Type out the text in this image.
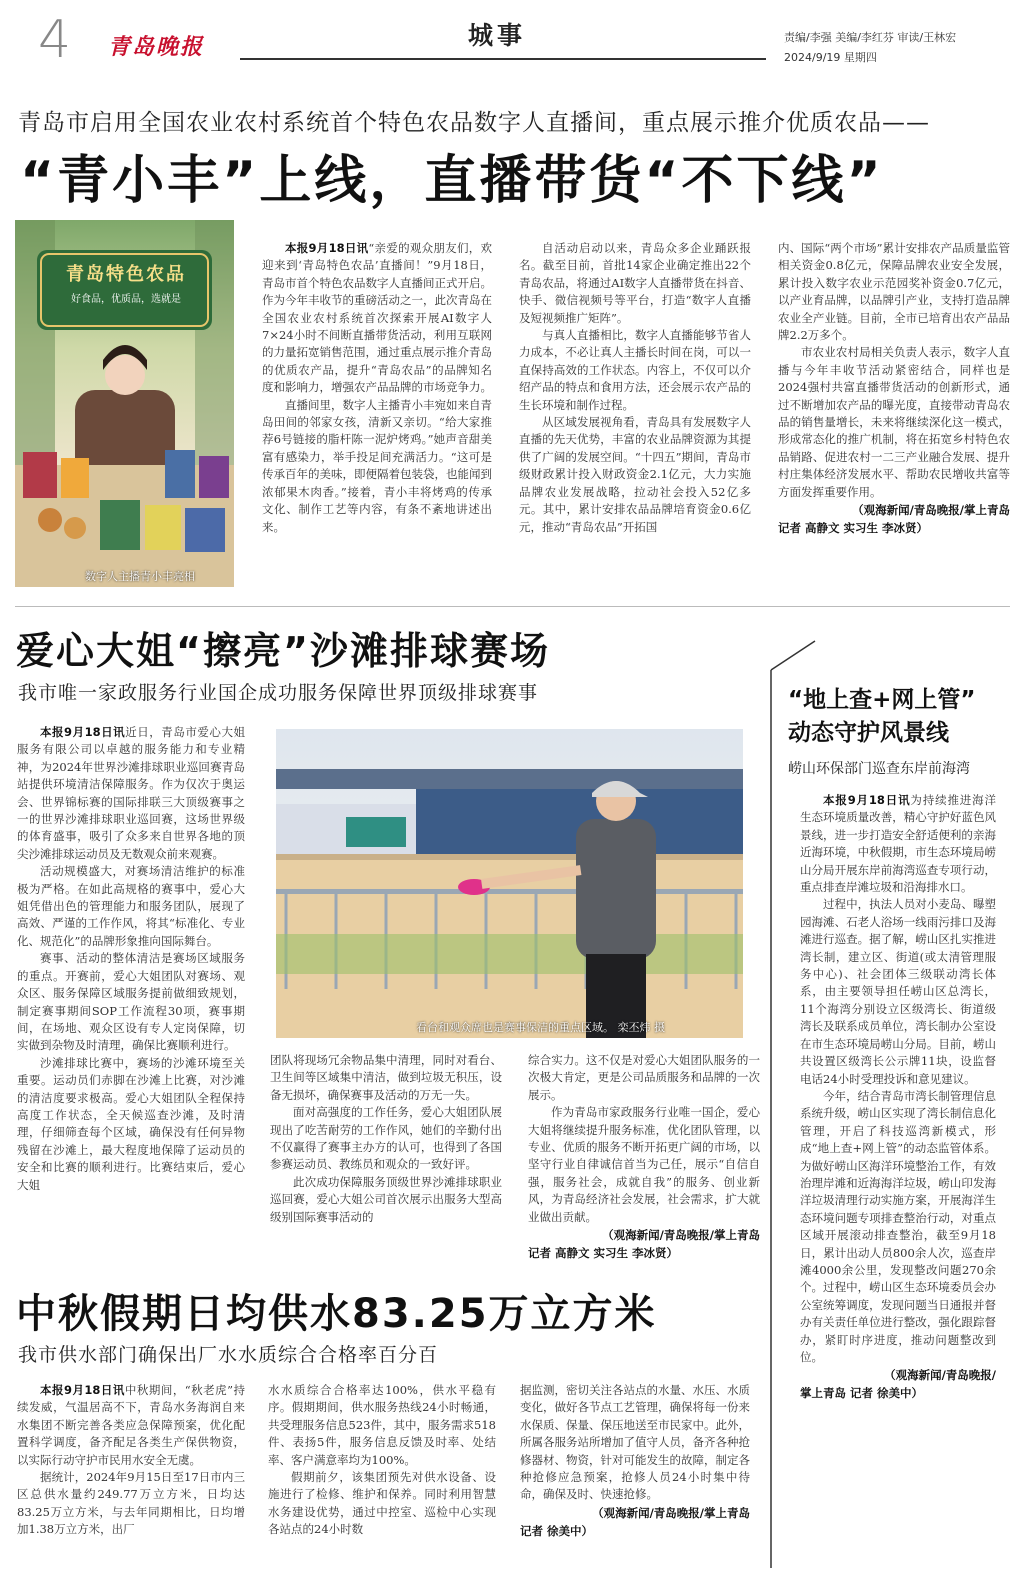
4 青岛晚报	城事	责编/李强 美编/李红芬 审读/王林宏
2024/9/19 星期四
青岛市启用全国农业农村系统首个特色农品数字人直播间，重点展示推介优质农品——
“青小丰”上线，直播带货“不下线”
青岛特色农品
好食品，优质品，选就是
数字人主播青小丰亮相

本报9月18日讯“亲爱的观众朋友们，欢迎来到‘青岛特色农品’直播间！”9月18日，青岛市首个特色农品数字人直播间正式开启。作为今年丰收节的重磅活动之一，此次青岛在全国农业农村系统首次探索开展AI数字人7×24小时不间断直播带货活动，利用互联网的力量拓宽销售范围，通过重点展示推介青岛的优质农产品，提升“青岛农品”的品牌知名度和影响力，增强农产品品牌的市场竞争力。

直播间里，数字人主播青小丰宛如来自青岛田间的邻家女孩，清新又亲切。“给大家推荐6号链接的脂杆陈一泥炉烤鸡。”她声音甜美富有感染力，举手投足间充满活力。“这可是传承百年的美味，即便隔着包装袋，也能闻到浓郁果木肉香。”接着，青小丰将烤鸡的传承文化、制作工艺等内容，有条不紊地讲述出来。

自活动启动以来，青岛众多企业踊跃报名。截至目前，首批14家企业确定推出22个青岛农品，将通过AI数字人直播带货在抖音、快手、微信视频号等平台，打造“数字人直播及短视频推广矩阵”。

与真人直播相比，数字人直播能够节省人力成本，不必让真人主播长时间在岗，可以一直保持高效的工作状态。内容上，不仅可以介绍产品的特点和食用方法，还会展示农产品的生长环境和制作过程。

从区域发展视角看，青岛具有发展数字人直播的先天优势，丰富的农业品牌资源为其提供了广阔的发展空间。“十四五”期间，青岛市级财政累计投入财政资金2.1亿元，大力实施品牌农业发展战略，拉动社会投入52亿多元。其中，累计安排农品品牌培育资金0.6亿元，推动“青岛农品”开拓国

内、国际“两个市场”累计安排农产品质量监管相关资金0.8亿元，保障品牌农业安全发展，累计投入数字农业示范园奖补资金0.7亿元，以产业育品牌，以品牌引产业，支持打造品牌农业全产业链。目前，全市已培育出农产品品牌2.2万多个。

市农业农村局相关负责人表示，数字人直播与今年丰收节活动紧密结合，同样也是2024强村共富直播带货活动的创新形式，通过不断增加农产品的曝光度，直接带动青岛农品的销售量增长，未来将继续深化这一模式，形成常态化的推广机制，将在拓宽乡村特色农品销路、促进农村一二三产业融合发展、提升村庄集体经济发展水平、帮助农民增收共富等方面发挥重要作用。

（观海新闻/青岛晚报/掌上青岛
记者 高静文 实习生 李冰贤）
爱心大姐“擦亮”沙滩排球赛场
我市唯一家政服务行业国企成功服务保障世界顶级排球赛事

本报9月18日讯近日，青岛市爱心大姐服务有限公司以卓越的服务能力和专业精神，为2024年世界沙滩排球职业巡回赛青岛站提供环境清洁保障服务。作为仅次于奥运会、世界锦标赛的国际排联三大顶级赛事之一的世界沙滩排球职业巡回赛，这场世界级的体育盛事，吸引了众多来自世界各地的顶尖沙滩排球运动员及无数观众前来观赛。

活动规模盛大，对赛场清洁维护的标准极为严格。在如此高规格的赛事中，爱心大姐凭借出色的管理能力和服务团队，展现了高效、严谨的工作作风，将其“标准化、专业化、规范化”的品牌形象推向国际舞台。

赛事、活动的整体清洁是赛场区域服务的重点。开赛前，爱心大姐团队对赛场、观众区、服务保障区域服务提前做细致规划，制定赛事期间SOP工作流程30项，赛事期间，在场地、观众区设有专人定岗保障，切实做到杂物及时清理，确保比赛顺利进行。

沙滩排球比赛中，赛场的沙滩环境至关重要。运动员们赤脚在沙滩上比赛，对沙滩的清洁度要求极高。爱心大姐团队全程保持高度工作状态，全天候巡查沙滩，及时清理，仔细筛查每个区域，确保没有任何异物残留在沙滩上，最大程度地保障了运动员的安全和比赛的顺利进行。比赛结束后，爱心大姐

看台和观众席也是赛事保洁的重点区域。 栾丕炜 摄

团队将现场冗余物品集中清理，同时对看台、卫生间等区域集中清洁，做到垃圾无积压，设备无损坏，确保赛事及活动的万无一失。

面对高强度的工作任务，爱心大姐团队展现出了吃苦耐劳的工作作风，她们的辛勤付出不仅赢得了赛事主办方的认可，也得到了各国参赛运动员、教练员和观众的一致好评。

此次成功保障服务顶级世界沙滩排球职业巡回赛，爱心大姐公司首次展示出服务大型高级别国际赛事活动的

综合实力。这不仅是对爱心大姐团队服务的一次极大肯定，更是公司品质服务和品牌的一次展示。

作为青岛市家政服务行业唯一国企，爱心大姐将继续提升服务标准，优化团队管理，以专业、优质的服务不断开拓更广阔的市场，以坚守行业自律诚信首当为己任，展示“自信自强，服务社会，成就自我”的服务、创业新风，为青岛经济社会发展，社会需求，扩大就业做出贡献。

（观海新闻/青岛晚报/掌上青岛
记者 高静文 实习生 李冰贤）
中秋假期日均供水83.25万立方米
我市供水部门确保出厂水水质综合合格率百分百

本报9月18日讯中秋期间，“秋老虎”持续发威，气温居高不下，青岛水务海润自来水集团不断完善各类应急保障预案，优化配置科学调度，备齐配足各类生产保供物资，以实际行动守护市民用水安全无虞。

据统计，2024年9月15日至17日市内三区总供水量约249.77万立方米，日均达83.25万立方米，与去年同期相比，日均增加1.38万立方米，出厂

水水质综合合格率达100%，供水平稳有序。假期期间，供水服务热线24小时畅通，共受理服务信息523件，其中，服务需求518件、表扬5件，服务信息反馈及时率、处结率、客户满意率均为100%。

假期前夕，该集团预先对供水设备、设施进行了检修、维护和保养。同时利用智慧水务建设优势，通过中控室、巡检中心实现各站点的24小时数

据监测，密切关注各站点的水量、水压、水质变化，做好各节点工艺管理，确保将每一份来水保质、保量、保压地送至市民家中。此外，所属各服务站所增加了值守人员，备齐各种抢修器材、物资，针对可能发生的故障，制定各种抢修应急预案，抢修人员24小时集中待命，确保及时、快速抢修。

（观海新闻/青岛晚报/掌上青岛
记者 徐美中）
“地上查+网上管”
动态守护风景线
崂山环保部门巡查东岸前海湾

本报9月18日讯为持续推进海洋生态环境质量改善，精心守护好蓝色风景线，进一步打造安全舒适便利的亲海近海环境，中秋假期，市生态环境局崂山分局开展东岸前海湾巡查专项行动，重点排查岸滩垃圾和沿海排水口。

过程中，执法人员对小麦岛、曝塑园海滩、石老人浴场一线雨污排口及海滩进行巡查。据了解，崂山区扎实推进湾长制，建立区、街道(或太清管理服务中心)、社会团体三级联动湾长体系，由主要领导担任崂山区总湾长，11个海湾分别设立区级湾长、街道级湾长及联系成员单位，湾长制办公室设在市生态环境局崂山分局。目前，崂山共设置区级湾长公示牌11块，设监督电话24小时受理投诉和意见建议。

今年，结合青岛市湾长制管理信息系统升级，崂山区实现了湾长制信息化管理，开启了科技巡湾新模式，形成“地上查+网上管”的动态监管体系。为做好崂山区海洋环境整治工作，有效治理岸滩和近海海洋垃圾，崂山印发海洋垃圾清理行动实施方案，开展海洋生态环境问题专项排查整治行动，对重点区域开展滚动排查整治，截至9月18日，累计出动人员800余人次，巡查岸滩4000余公里，发现整改问题270余个。过程中，崂山区生态环境委员会办公室统筹调度，发现问题当日通报并督办有关责任单位进行整改，强化跟踪督办，紧盯时序进度，推动问题整改到位。

（观海新闻/青岛晚报/
掌上青岛 记者 徐美中）
